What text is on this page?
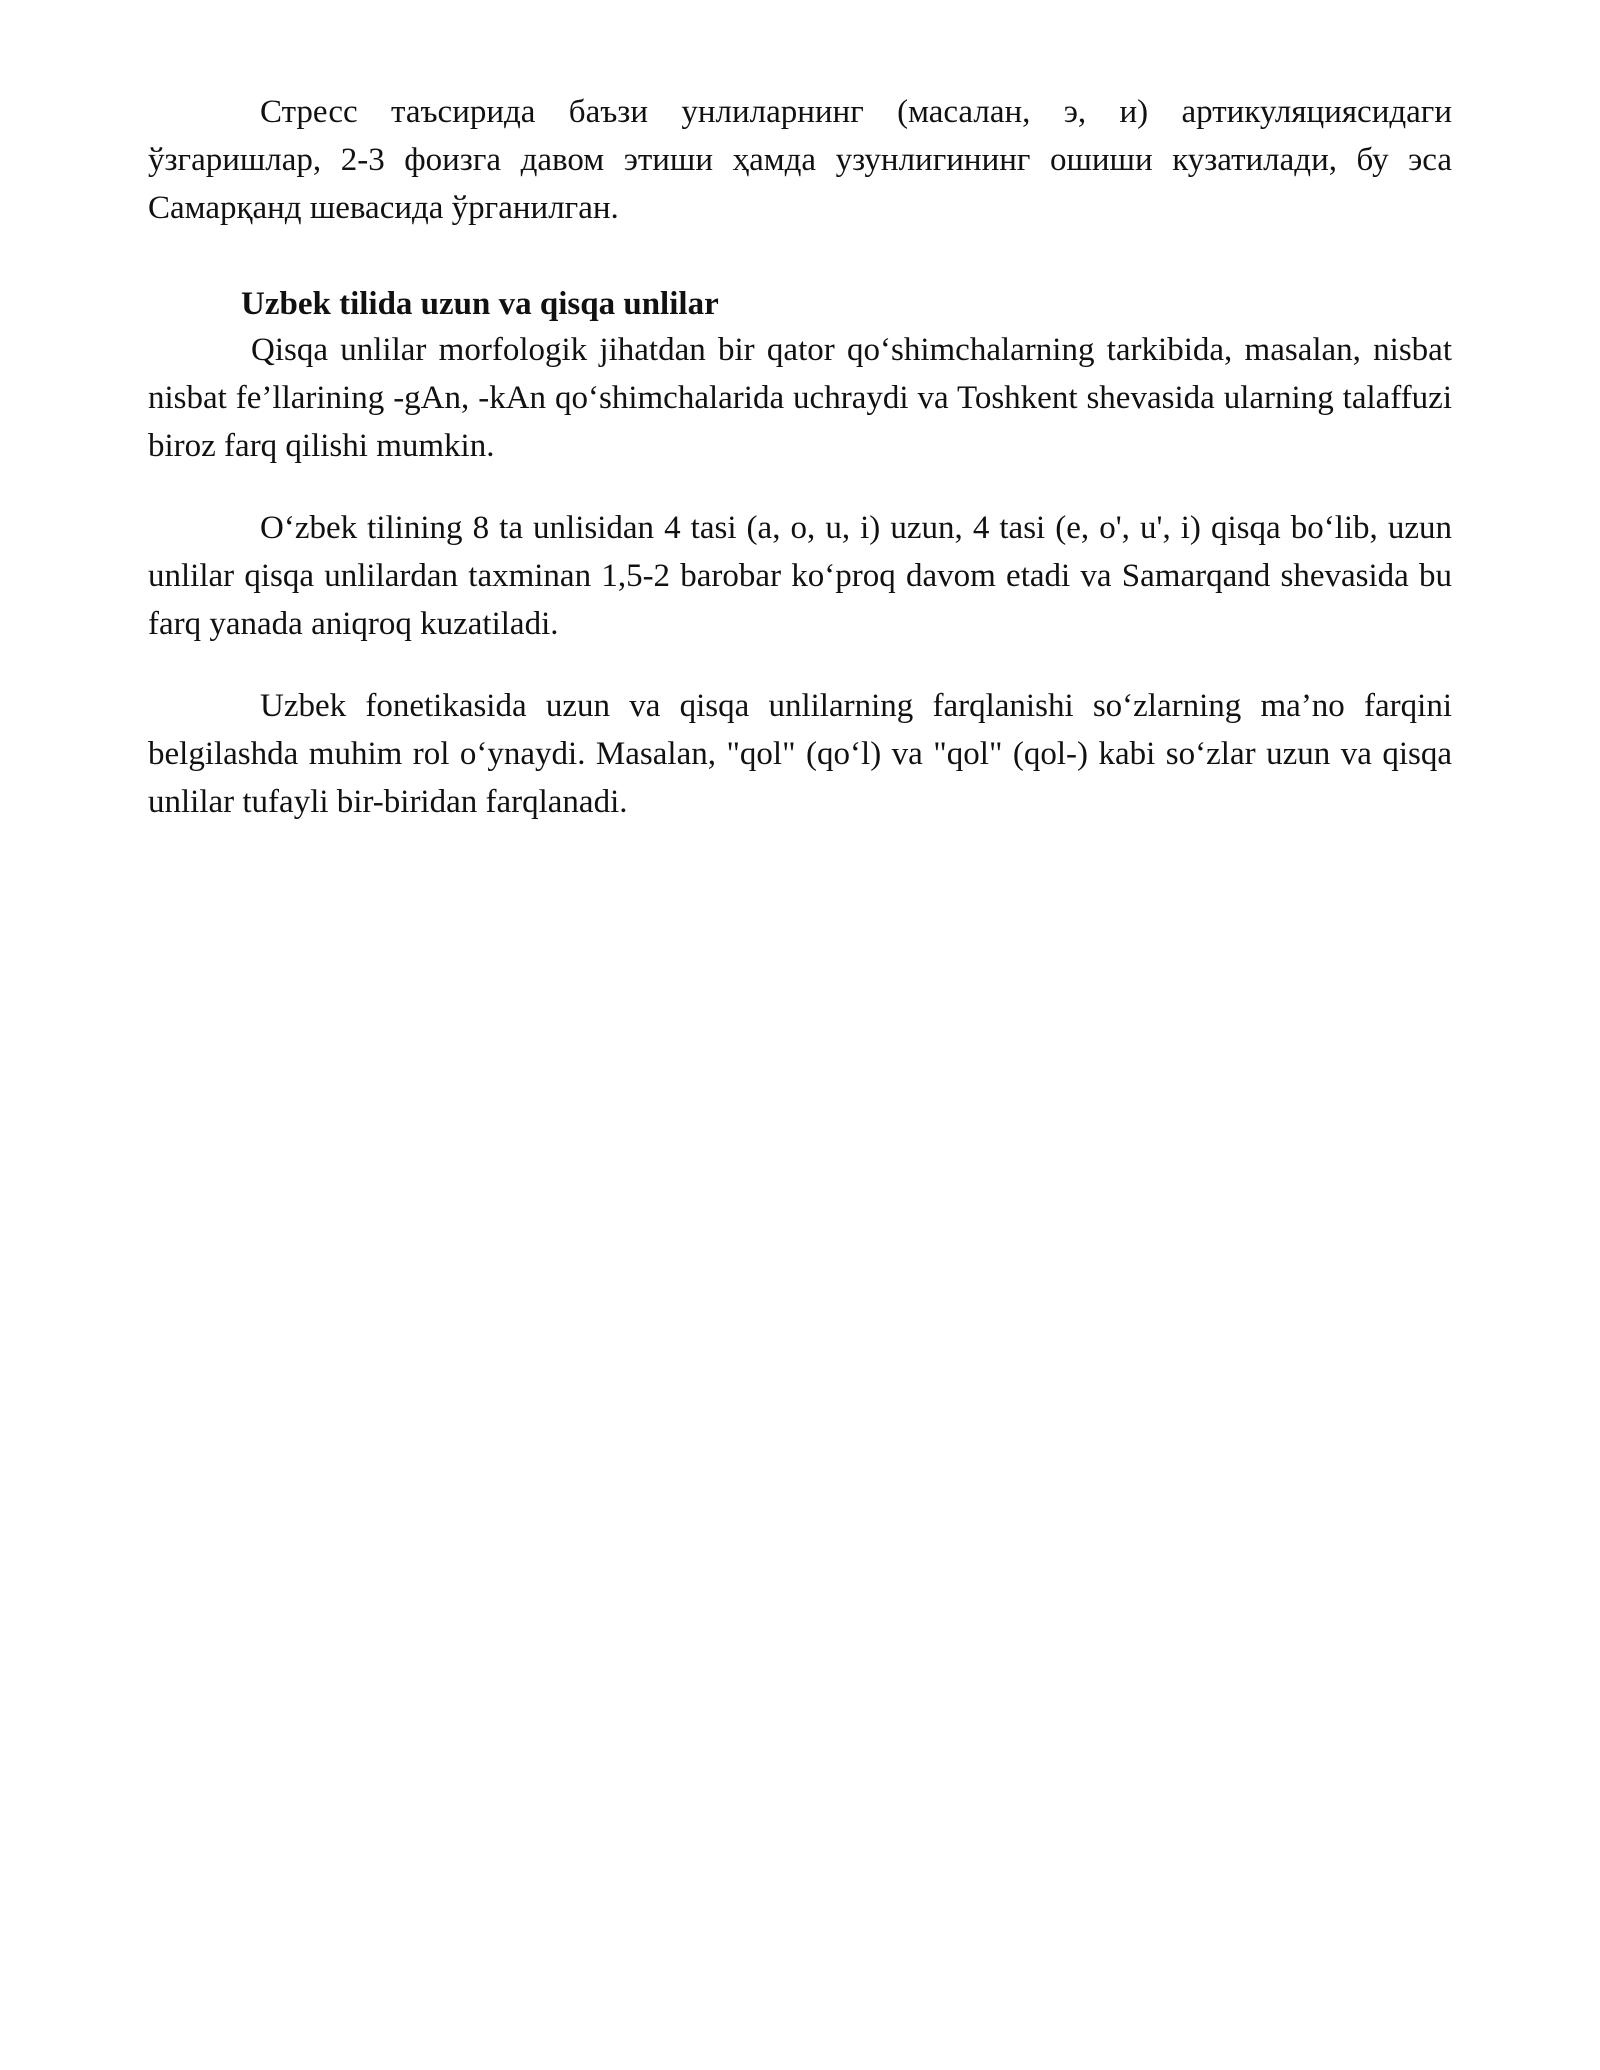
Стресс таъсирида баъзи унлиларнинг (масалан, э, и) артикуляциясидаги ўзгаришлар, 2-3 фоизга давом этиши ҳамда узунлигининг ошиши кузатилади, бу эса Самарқанд шевасида ўрганилган.

Uzbek tilida uzun va qisqa unlilar

Qisqa unlilar morfologik jihatdan bir qator qoʻshimchalarning tarkibida, masalan, nisbat nisbat fe’llarining -gAn, -kAn qoʻshimchalarida uchraydi va Toshkent shevasida ularning talaffuzi biroz farq qilishi mumkin.

Oʻzbek tilining 8 ta unlisidan 4 tasi (a, o, u, i) uzun, 4 tasi (e, o', u', i) qisqa boʻlib, uzun unlilar qisqa unlilardan taxminan 1,5-2 barobar koʻproq davom etadi va Samarqand shevasida bu farq yanada aniqroq kuzatiladi.

Uzbek fonetikasida uzun va qisqa unlilarning farqlanishi soʻzlarning ma’no farqini belgilashda muhim rol oʻynaydi. Masalan, "qol" (qoʻl) va "qol" (qol-) kabi soʻzlar uzun va qisqa unlilar tufayli bir-biridan farqlanadi.
